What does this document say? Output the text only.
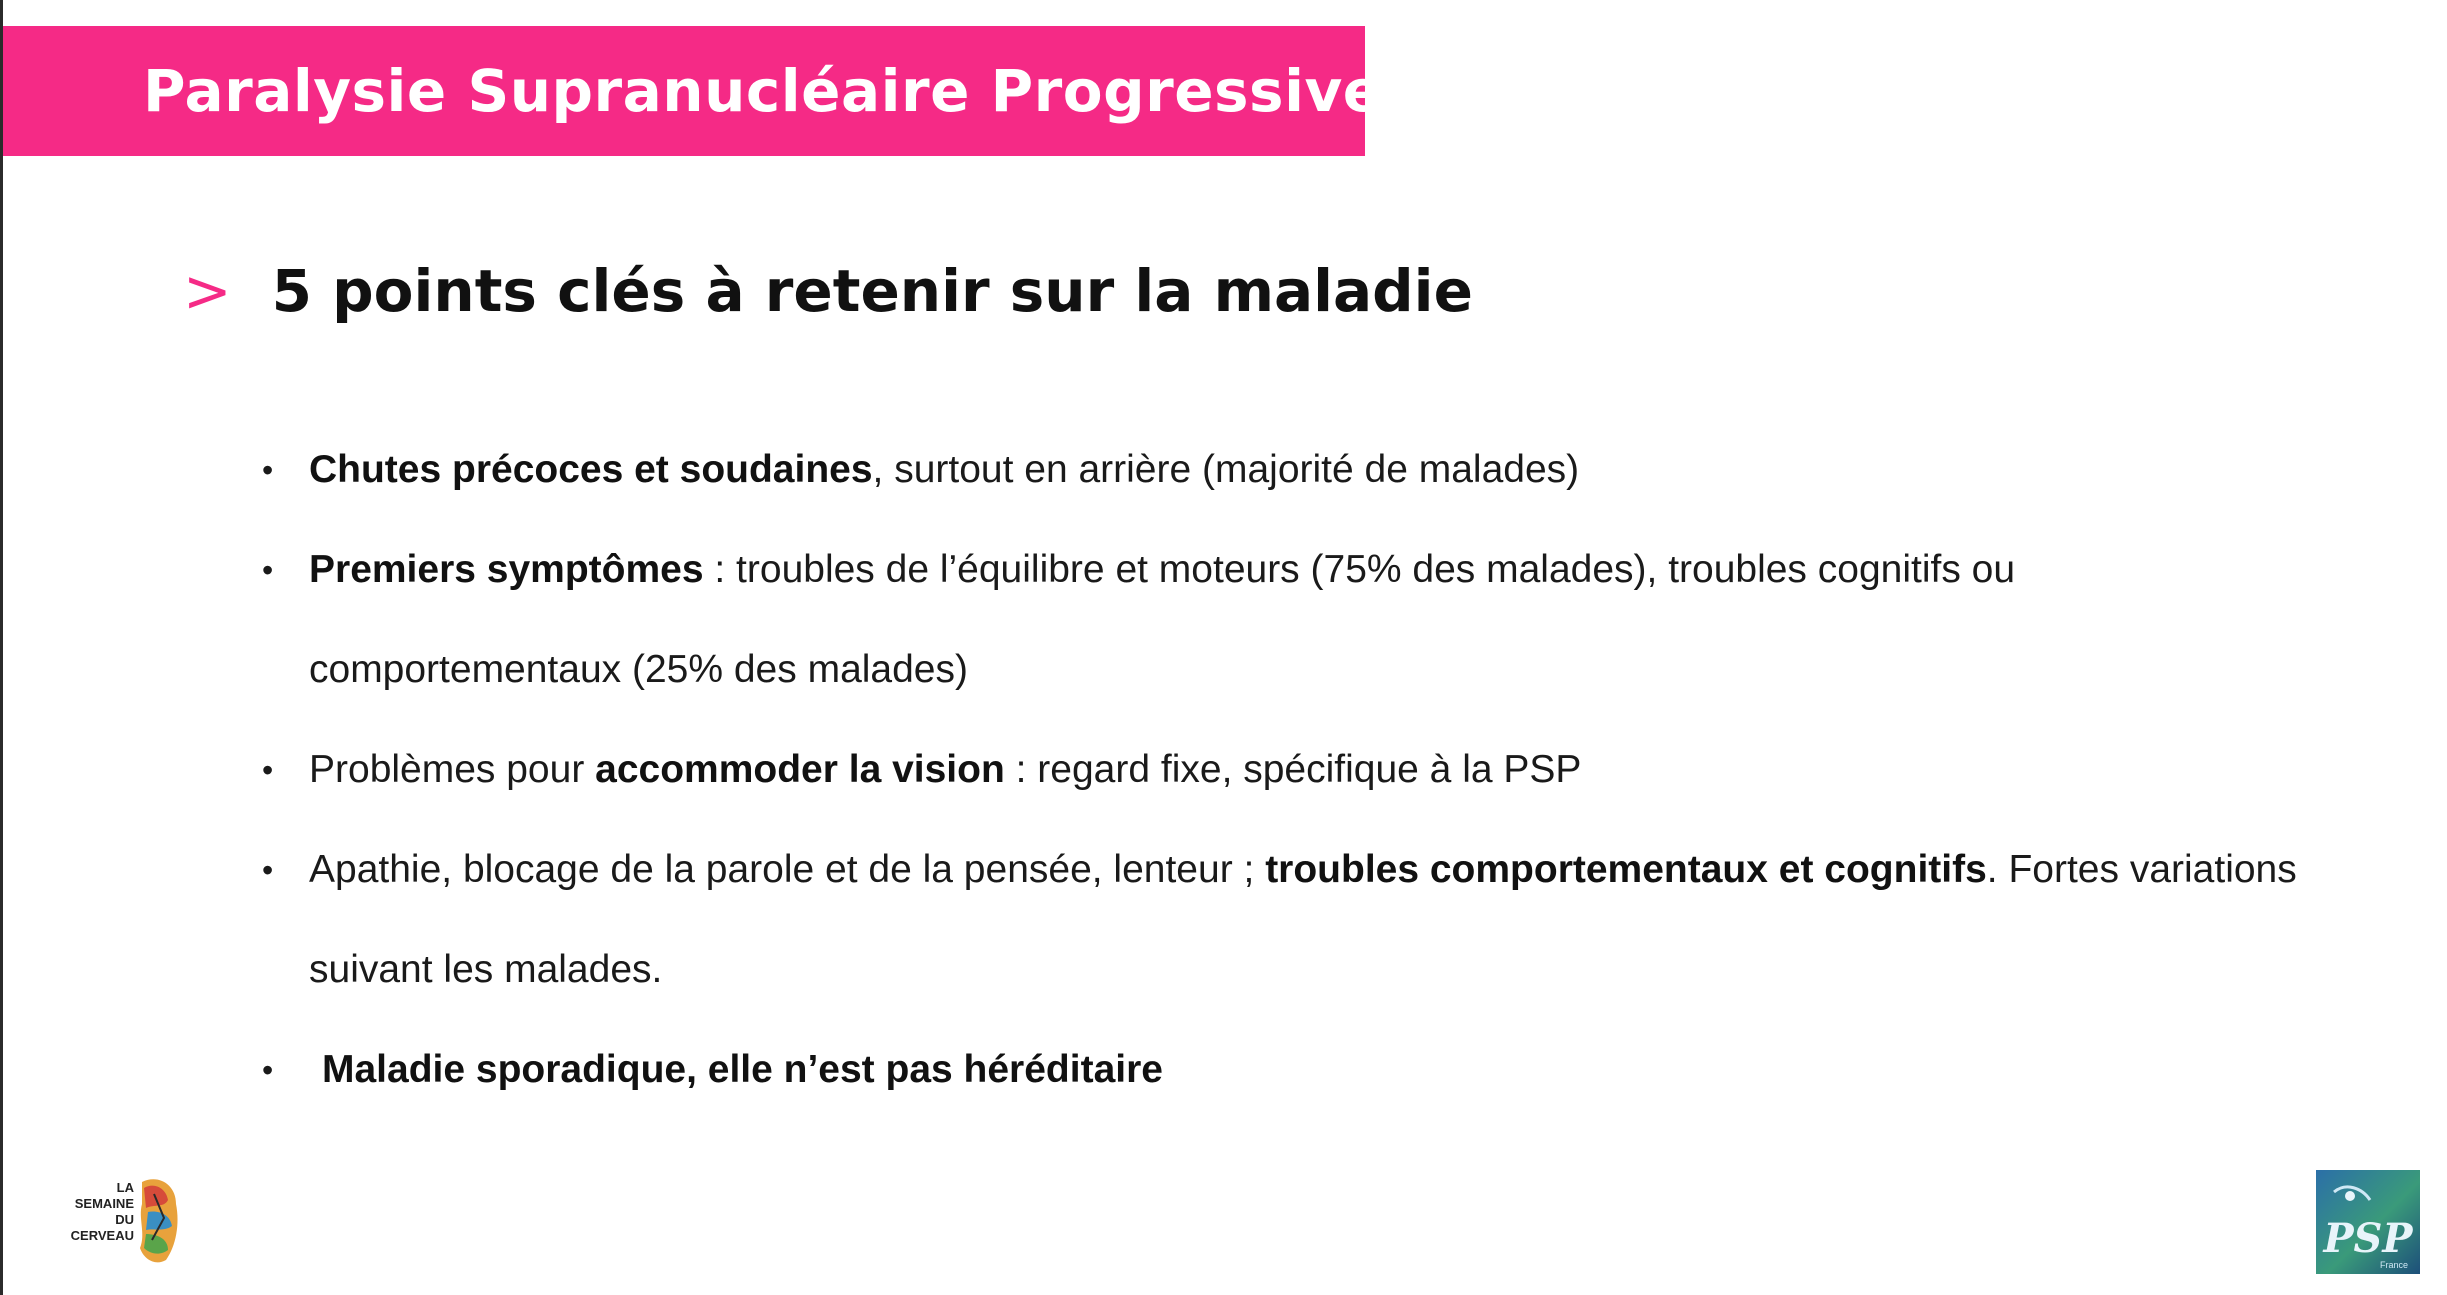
Paralysie Supranucléaire Progressive
> 5 points clés à retenir sur la maladie
• Chutes précoces et soudaines, surtout en arrière (majorité de malades)
• Premiers symptômes : troubles de l’équilibre et moteurs (75% des malades), troubles cognitifs ou comportementaux (25% des malades)
• Problèmes pour accommoder la vision : regard fixe, spécifique à la PSP
• Apathie, blocage de la parole et de la pensée, lenteur ; troubles comportementaux et cognitifs. Fortes variations suivant les malades.
• Maladie sporadique, elle n’est pas héréditaire
LA
SEMAINE
DU
CERVEAU	PSP
France
